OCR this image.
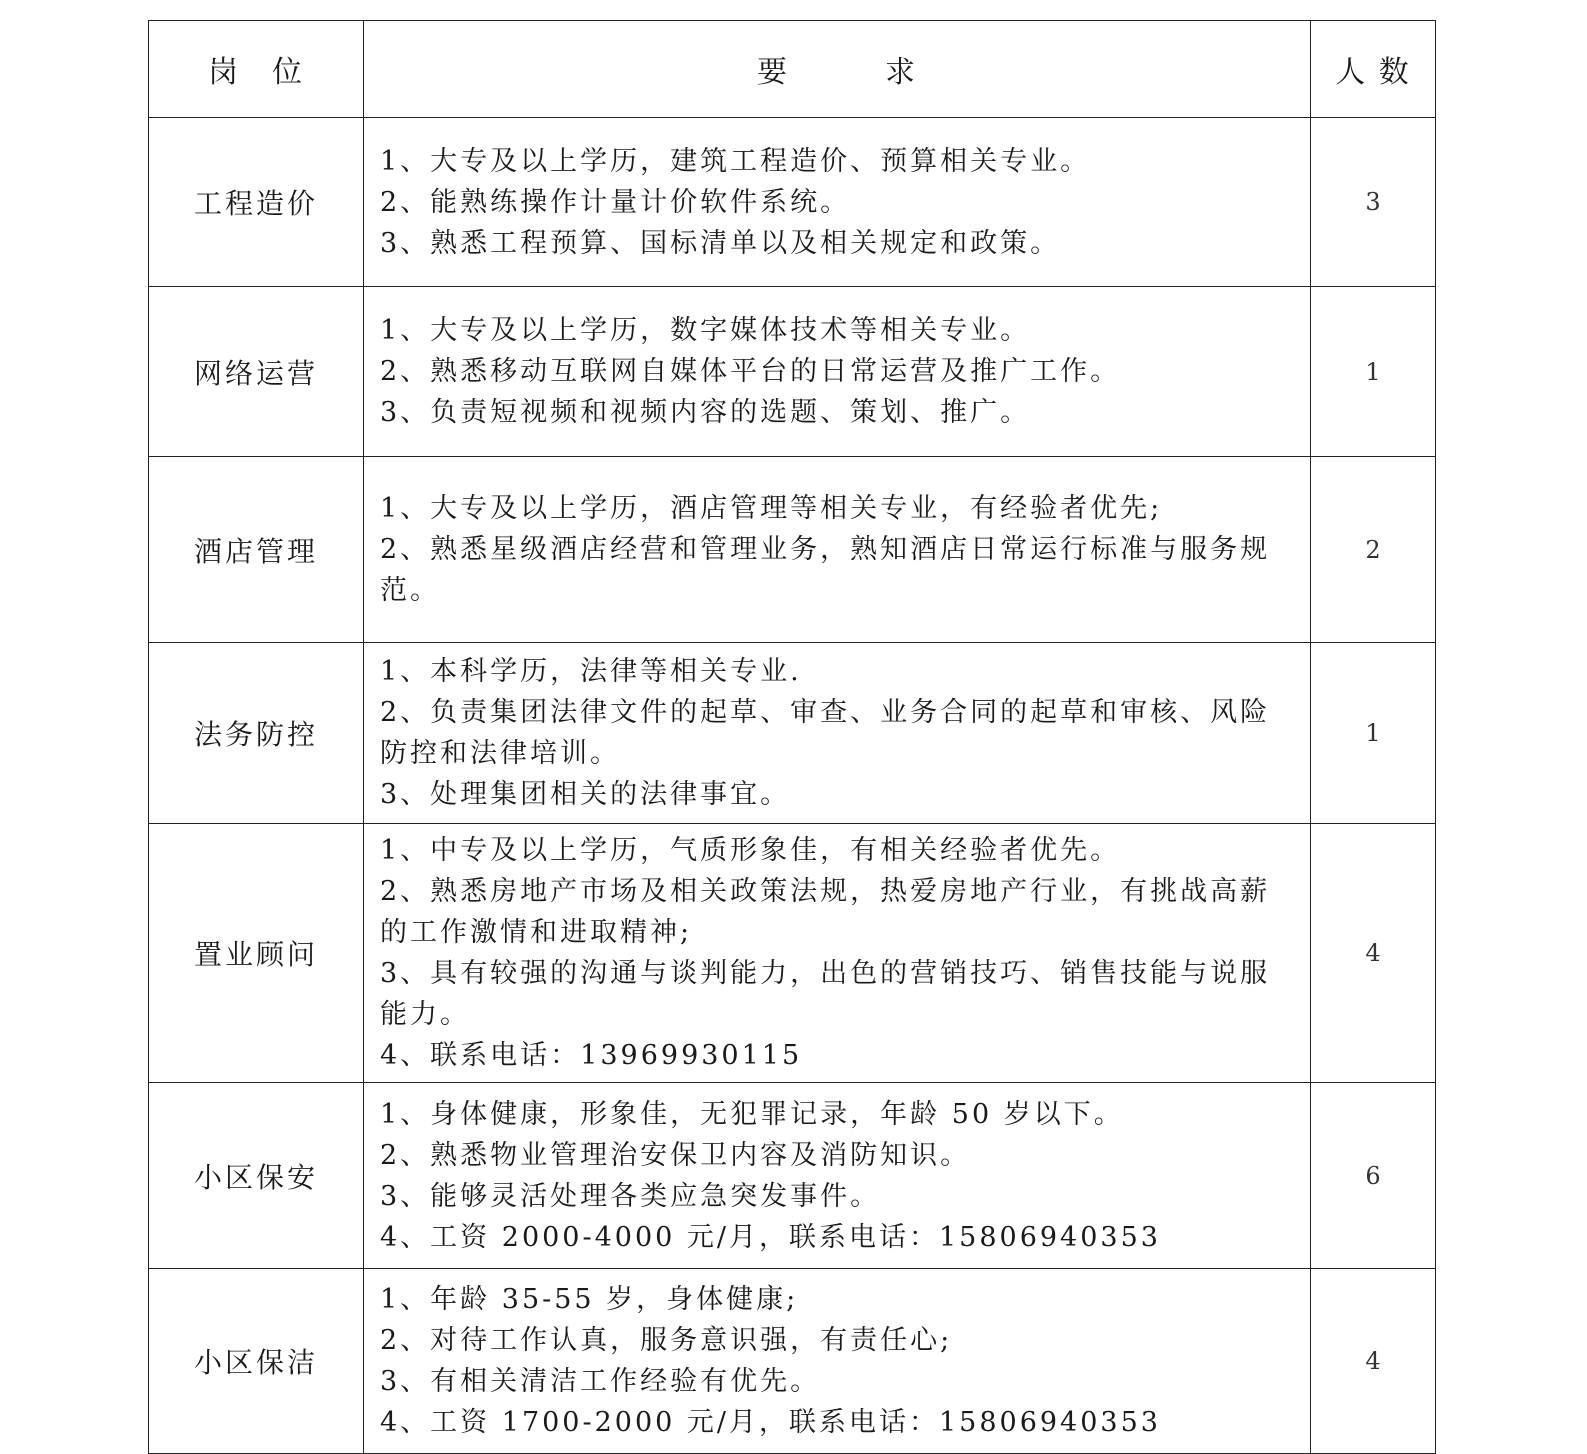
岗　位	要　　　求	人 数
工程造价	1、大专及以上学历，建筑工程造价、预算相关专业。
2、能熟练操作计量计价软件系统。
3、熟悉工程预算、国标清单以及相关规定和政策。	3
网络运营	1、大专及以上学历，数字媒体技术等相关专业。
2、熟悉移动互联网自媒体平台的日常运营及推广工作。
3、负责短视频和视频内容的选题、策划、推广。	1
酒店管理	1、大专及以上学历，酒店管理等相关专业，有经验者优先;
2、熟悉星级酒店经营和管理业务，熟知酒店日常运行标准与服务规范。	2
法务防控	1、本科学历，法律等相关专业.
2、负责集团法律文件的起草、审查、业务合同的起草和审核、风险防控和法律培训。
3、处理集团相关的法律事宜。	1
置业顾问	1、中专及以上学历，气质形象佳，有相关经验者优先。
2、熟悉房地产市场及相关政策法规，热爱房地产行业，有挑战高薪的工作激情和进取精神;
3、具有较强的沟通与谈判能力，出色的营销技巧、销售技能与说服能力。
4、联系电话：13969930115	4
小区保安	1、身体健康，形象佳，无犯罪记录，年龄 50 岁以下。
2、熟悉物业管理治安保卫内容及消防知识。
3、能够灵活处理各类应急突发事件。
4、工资 2000-4000 元/月，联系电话：15806940353	6
小区保洁	1、年龄 35-55 岁，身体健康;
2、对待工作认真，服务意识强，有责任心;
3、有相关清洁工作经验有优先。
4、工资 1700-2000 元/月，联系电话：15806940353	4
